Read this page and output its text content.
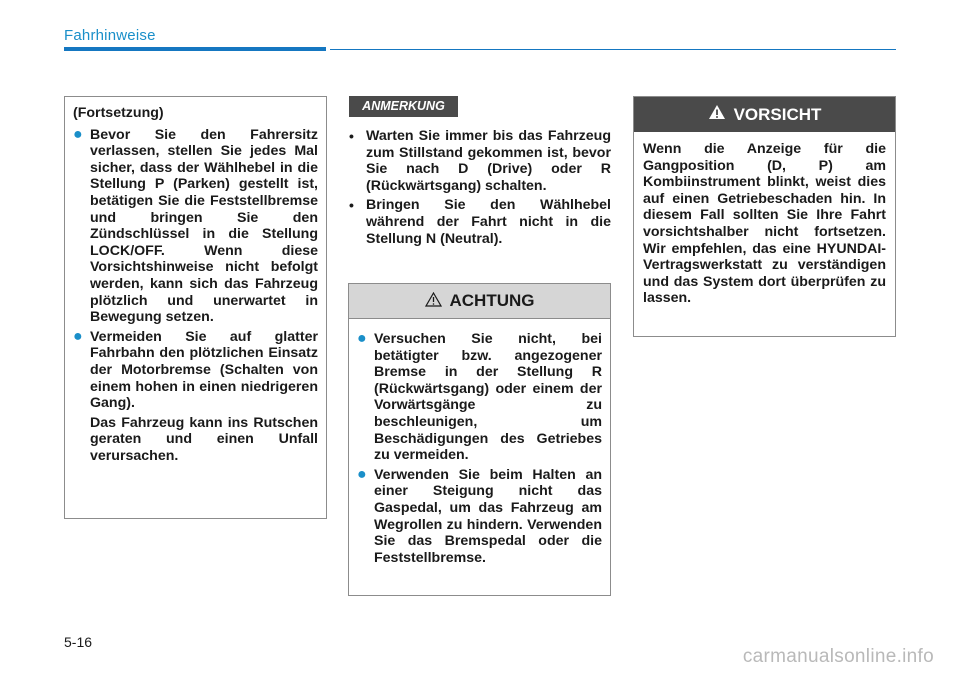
Fahrhinweise
(Fortsetzung)
● Bevor Sie den Fahrersitz verlassen, stellen Sie jedes Mal sicher, dass der Wählhebel in die Stellung P (Parken) gestellt ist, betätigen Sie die Feststellbremse und bringen Sie den Zündschlüssel in die Stellung LOCK/OFF. Wenn diese Vorsichtshinweise nicht befolgt werden, kann sich das Fahrzeug plötzlich und unerwartet in Bewegung setzen.
● Vermeiden Sie auf glatter Fahrbahn den plötzlichen Einsatz der Motorbremse (Schalten von einem hohen in einen niedrigeren Gang).
Das Fahrzeug kann ins Rutschen geraten und einen Unfall verursachen.
ANMERKUNG
• Warten Sie immer bis das Fahrzeug zum Stillstand gekommen ist, bevor Sie nach D (Drive) oder R (Rückwärtsgang) schalten.
• Bringen Sie den Wählhebel während der Fahrt nicht in die Stellung N (Neutral).
ACHTUNG
● Versuchen Sie nicht, bei betätigter bzw. angezogener Bremse in der Stellung R (Rückwärtsgang) oder einem der Vorwärtsgänge zu beschleunigen, um Beschädigungen des Getriebes zu vermeiden.
● Verwenden Sie beim Halten an einer Steigung nicht das Gaspedal, um das Fahrzeug am Wegrollen zu hindern. Verwenden Sie das Bremspedal oder die Feststellbremse.
VORSICHT
Wenn die Anzeige für die Gangposition (D, P) am Kombiinstrument blinkt, weist dies auf einen Getriebeschaden hin. In diesem Fall sollten Sie Ihre Fahrt vorsichtshalber nicht fortsetzen. Wir empfehlen, das eine HYUNDAI-Vertragswerkstatt zu verständigen und das System dort überprüfen zu lassen.
5-16
carmanualsonline.info
